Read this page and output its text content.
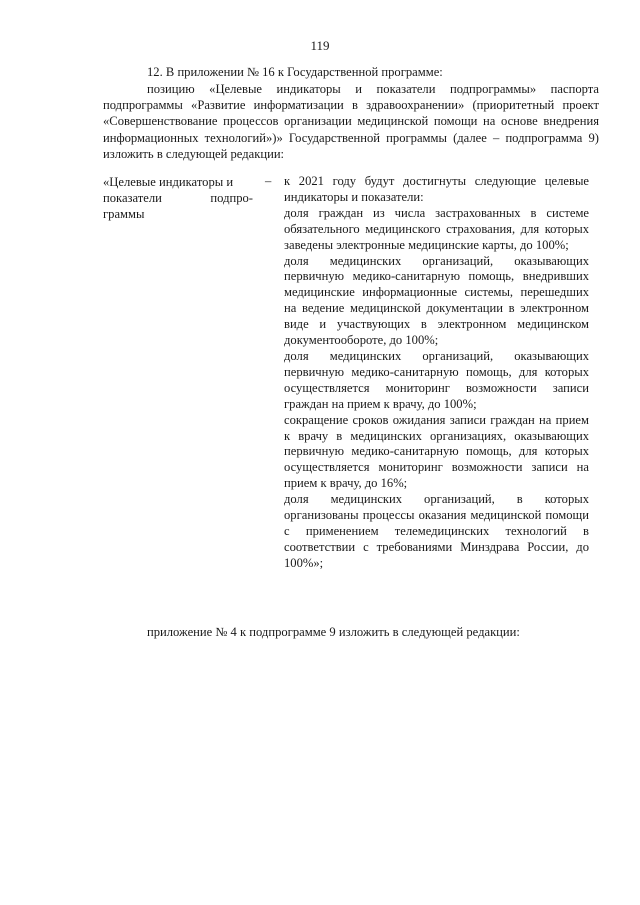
119
12. В приложении № 16 к Государственной программе:
позицию «Целевые индикаторы и показатели подпрограммы» паспорта подпрограммы «Развитие информатизации в здравоохранении» (приоритетный проект «Совершенствование процессов организации медицинской помощи на основе внедрения информационных технологий»)» Государственной программы (далее – подпрограмма 9) изложить в следующей редакции:
«Целевые индикаторы и
показатели	подпро-
граммы
– к 2021 году будут достигнуты следующие целевые индикаторы и показатели:

доля граждан из числа застрахованных в системе обязательного медицинского страхования, для которых заведены электронные медицинские карты, до 100%;

доля медицинских организаций, оказывающих первичную медико-санитарную помощь, внедривших медицинские информационные системы, перешедших на ведение медицинской документации в электронном виде и участвующих в электронном медицинском документообороте, до 100%;

доля медицинских организаций, оказывающих первичную медико-санитарную помощь, для которых осуществляется мониторинг возможности записи граждан на прием к врачу, до 100%;

сокращение сроков ожидания записи граждан на прием к врачу в медицинских организациях, оказывающих первичную медико-санитарную помощь, для которых осуществляется мониторинг возможности записи на прием к врачу, до 16%;

доля медицинских организаций, в которых организованы процессы оказания медицинской помощи с применением телемедицинских технологий в соответствии с требованиями Минздрава России, до 100%»;

приложение № 4 к подпрограмме 9 изложить в следующей редакции:
